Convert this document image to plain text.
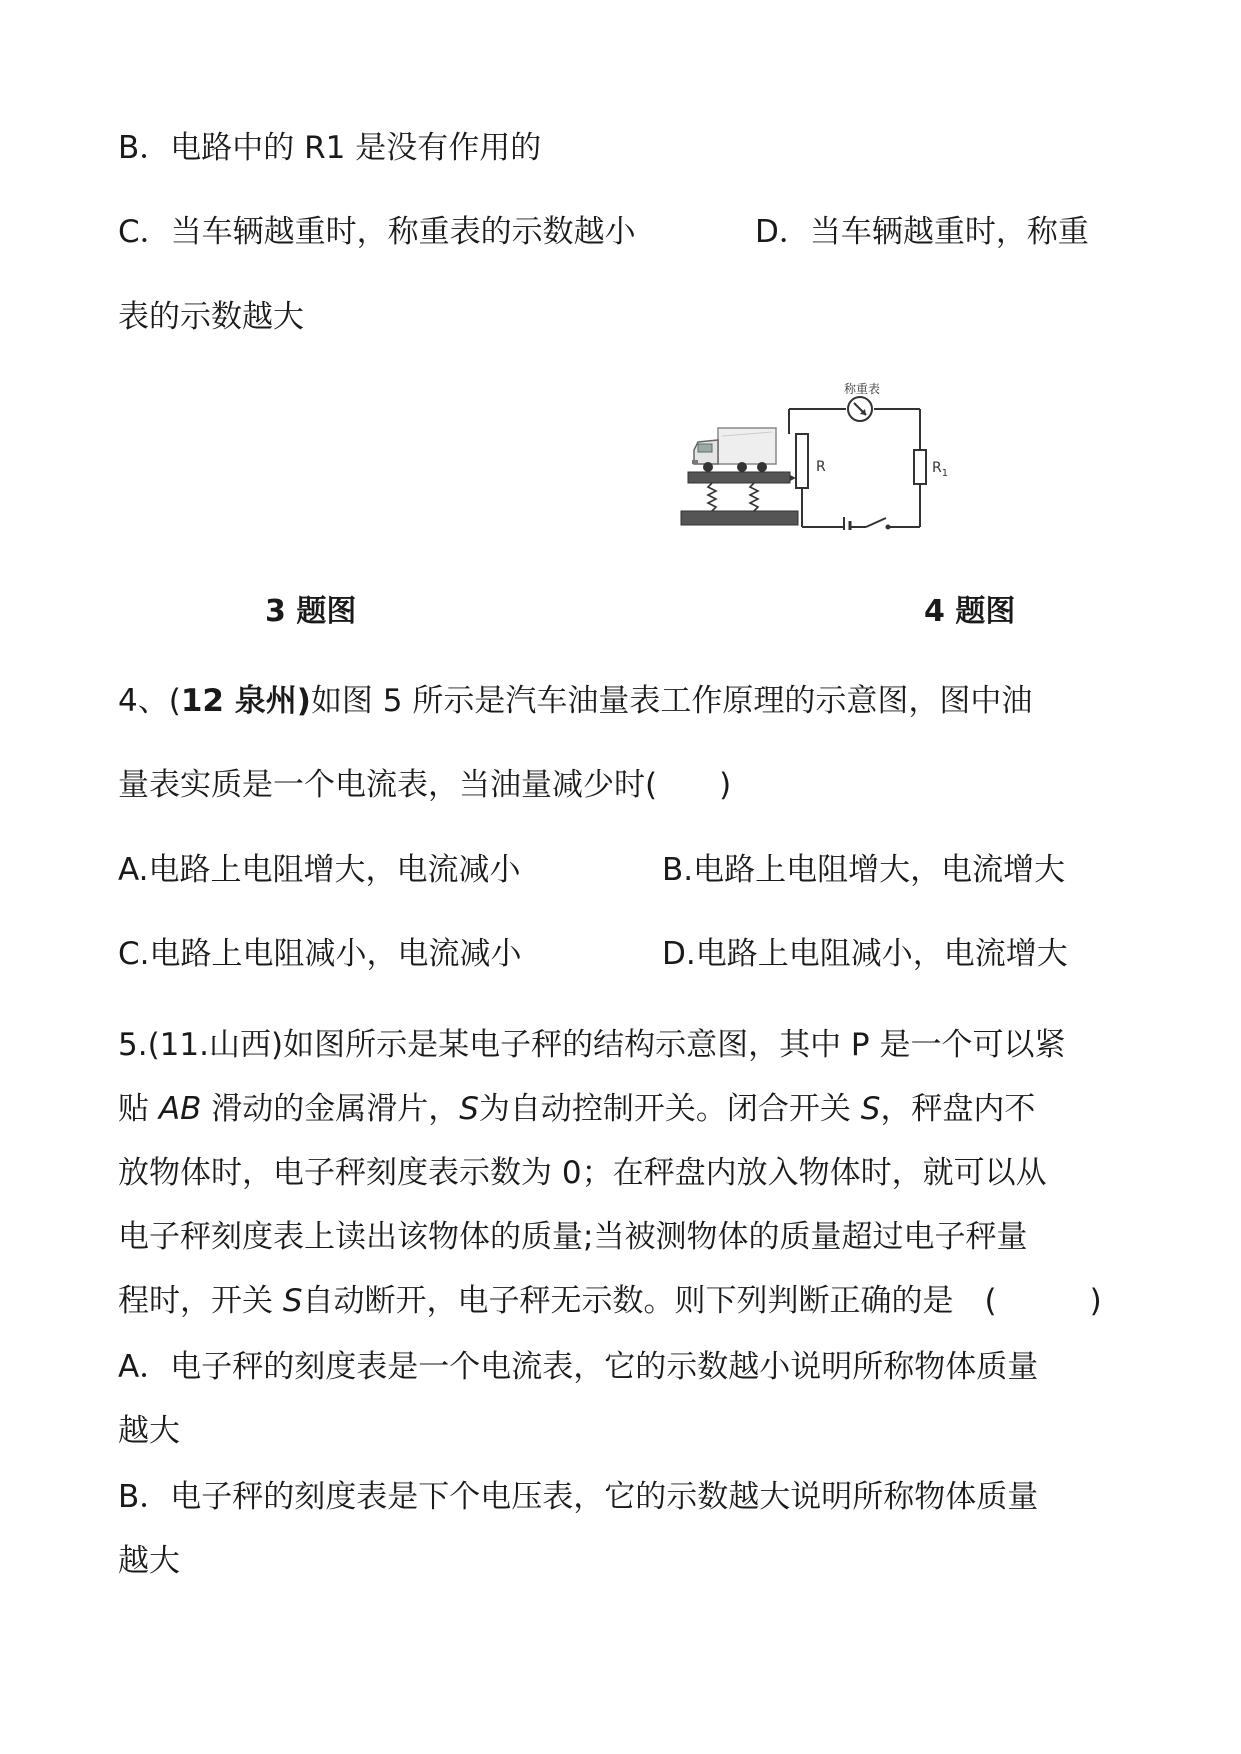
B．电路中的 R1 是没有作用的
C．当车辆越重时，称重表的示数越小	D．当车辆越重时，称重
表的示数越大
称重表
$R_1$
R
3 题图	4 题图
4、(12 泉州)如图 5 所示是汽车油量表工作原理的示意图，图中油
量表实质是一个电流表，当油量减少时(　　)
A.电路上电阻增大，电流减小	B.电路上电阻增大，电流增大
C.电路上电阻减小，电流减小	D.电路上电阻减小，电流增大
5.(11.山西)如图所示是某电子秤的结构示意图，其中 P 是一个可以紧
贴 AB 滑动的金属滑片，S为自动控制开关。闭合开关 S，秤盘内不
放物体时，电子秤刻度表示数为 0；在秤盘内放入物体时，就可以从
电子秤刻度表上读出该物体的质量;当被测物体的质量超过电子秤量
程时，开关 S自动断开，电子秤无示数。则下列判断正确的是　(　　　)
A．电子秤的刻度表是一个电流表，它的示数越小说明所称物体质量
越大
B．电子秤的刻度表是下个电压表，它的示数越大说明所称物体质量
越大
